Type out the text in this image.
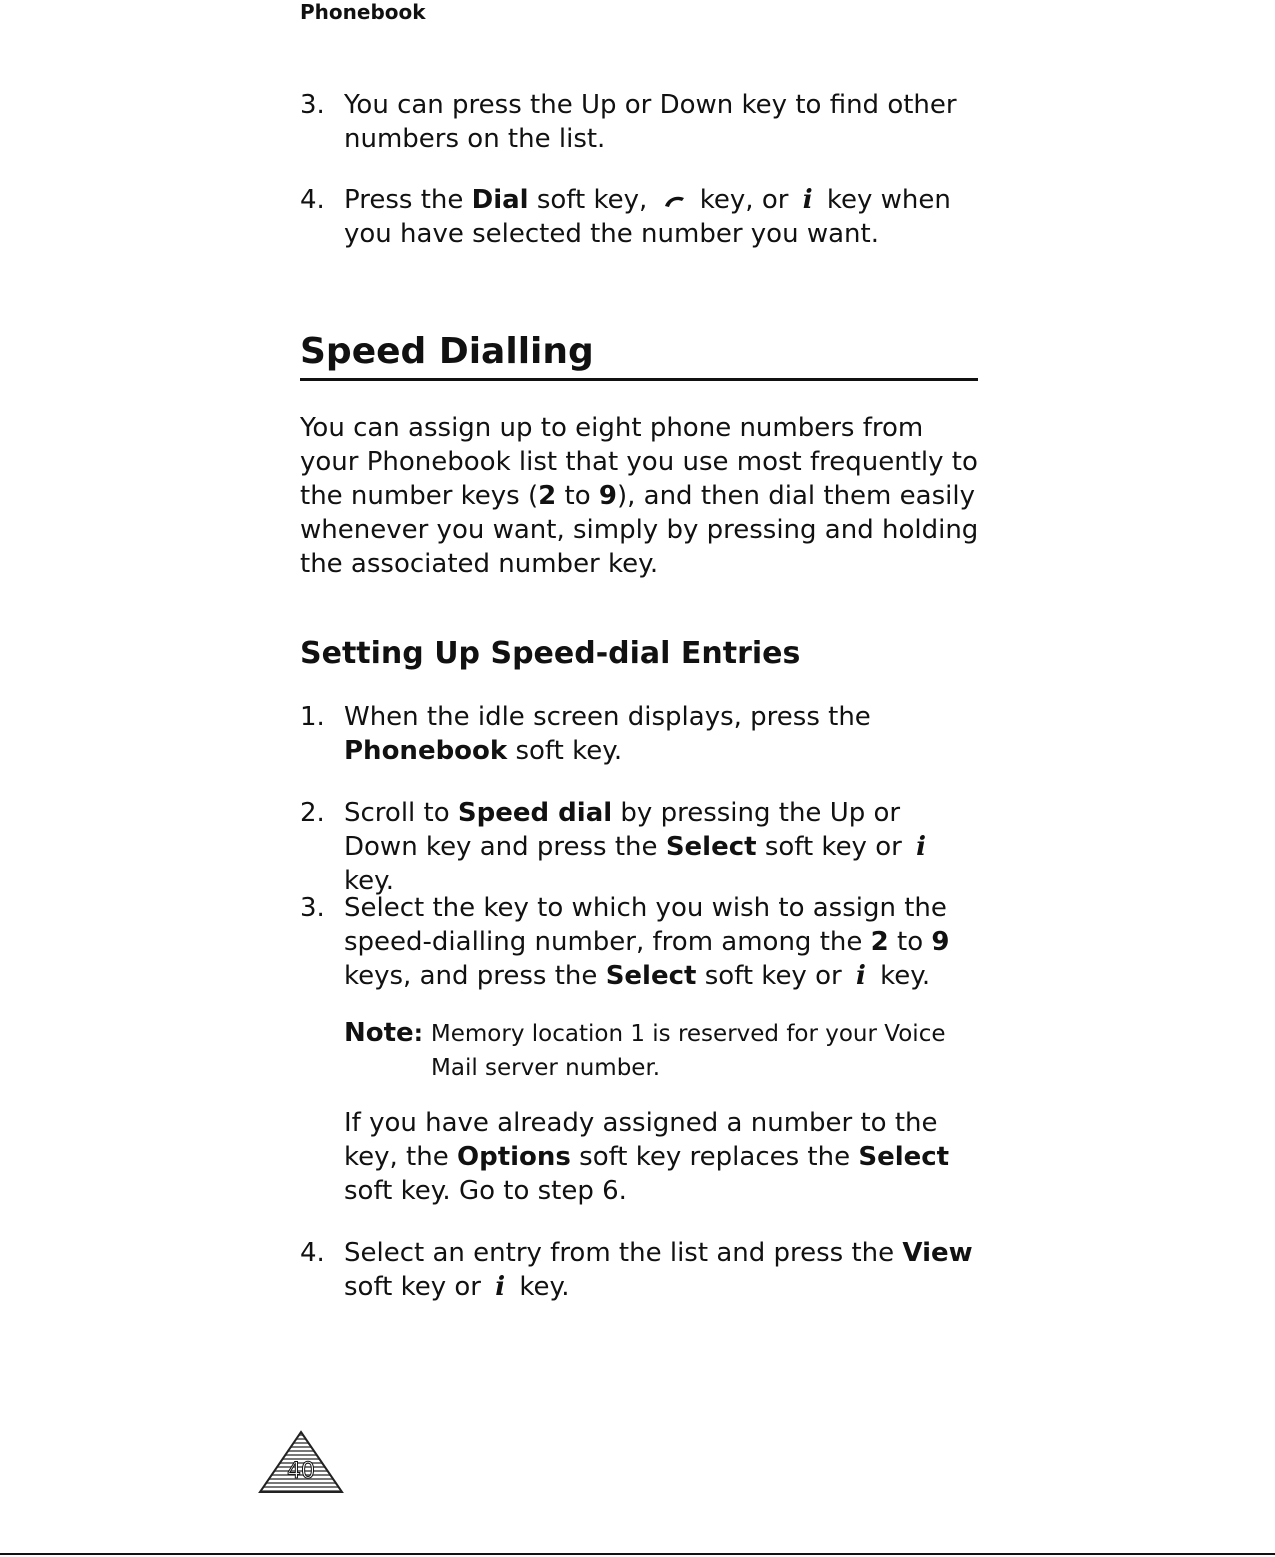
Phonebook
3. You can press the Up or Down key to find other numbers on the list.
4. Press the Dial soft key,  key, or i key when you have selected the number you want.
Speed Dialling
You can assign up to eight phone numbers from your Phonebook list that you use most frequently to the number keys (2 to 9), and then dial them easily whenever you want, simply by pressing and holding the associated number key.
Setting Up Speed-dial Entries
1. When the idle screen displays, press the Phonebook soft key.
2. Scroll to Speed dial by pressing the Up or Down key and press the Select soft key or i key.
3. Select the key to which you wish to assign the speed-dialling number, from among the 2 to 9 keys, and press the Select soft key or i key.
Note: Memory location 1 is reserved for your Voice
Mail server number.
If you have already assigned a number to the key, the Options soft key replaces the Select soft key. Go to step 6.
4. Select an entry from the list and press the View soft key or i key.
40
